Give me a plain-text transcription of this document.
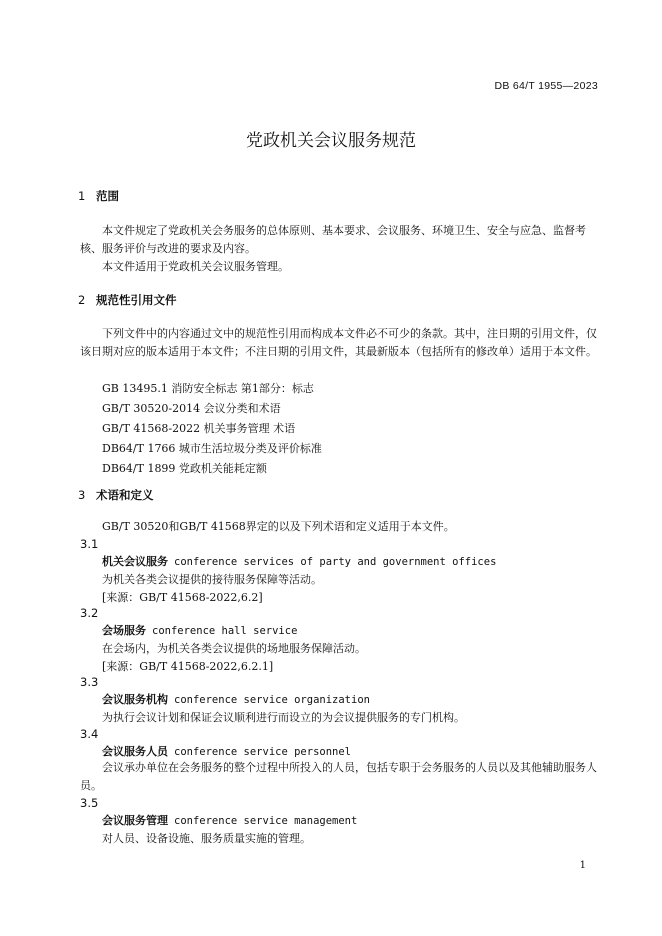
DB 64/T 1955—2023
党政机关会议服务规范
1 范围
本文件规定了党政机关会务服务的总体原则、基本要求、会议服务、环境卫生、安全与应急、监督考核、服务评价与改进的要求及内容。
本文件适用于党政机关会议服务管理。
2 规范性引用文件
下列文件中的内容通过文中的规范性引用而构成本文件必不可少的条款。其中，注日期的引用文件，仅该日期对应的版本适用于本文件；不注日期的引用文件，其最新版本（包括所有的修改单）适用于本文件。
GB 13495.1 消防安全标志 第1部分：标志
GB/T 30520-2014 会议分类和术语
GB/T 41568-2022 机关事务管理 术语
DB64/T 1766 城市生活垃圾分类及评价标准
DB64/T 1899 党政机关能耗定额
3 术语和定义
GB/T 30520和GB/T 41568界定的以及下列术语和定义适用于本文件。
3.1
机关会议服务 conference services of party and government offices
为机关各类会议提供的接待服务保障等活动。
[来源：GB/T 41568-2022,6.2]
3.2
会场服务 conference hall service
在会场内，为机关各类会议提供的场地服务保障活动。
[来源：GB/T 41568-2022,6.2.1]
3.3
会议服务机构 conference service organization
为执行会议计划和保证会议顺利进行而设立的为会议提供服务的专门机构。
3.4
会议服务人员 conference service personnel
会议承办单位在会务服务的整个过程中所投入的人员，包括专职于会务服务的人员以及其他辅助服务人员。
3.5
会议服务管理 conference service management
对人员、设备设施、服务质量实施的管理。
1
